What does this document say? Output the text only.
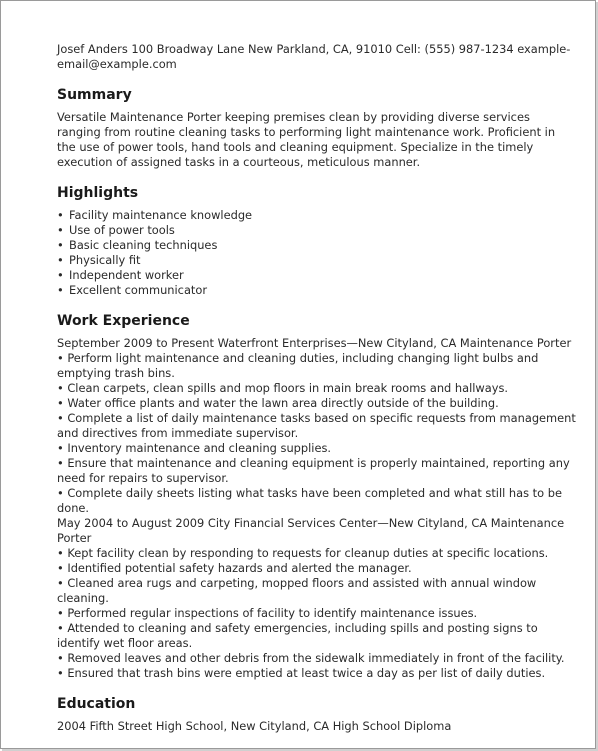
Josef Anders 100 Broadway Lane New Parkland, CA, 91010 Cell: (555) 987-1234 example-email@example.com

Summary

Versatile Maintenance Porter keeping premises clean by providing diverse services ranging from routine cleaning tasks to performing light maintenance work. Proficient in the use of power tools, hand tools and cleaning equipment. Specialize in the timely execution of assigned tasks in a courteous, meticulous manner.

Highlights
• Facility maintenance knowledge
• Use of power tools
• Basic cleaning techniques
• Physically fit
• Independent worker
• Excellent communicator
Work Experience

September 2009 to Present Waterfront Enterprises—New Cityland, CA Maintenance Porter

• Perform light maintenance and cleaning duties, including changing light bulbs and emptying trash bins.

• Clean carpets, clean spills and mop floors in main break rooms and hallways.

• Water office plants and water the lawn area directly outside of the building.

• Complete a list of daily maintenance tasks based on specific requests from management and directives from immediate supervisor.

• Inventory maintenance and cleaning supplies.

• Ensure that maintenance and cleaning equipment is properly maintained, reporting any need for repairs to supervisor.

• Complete daily sheets listing what tasks have been completed and what still has to be done.

May 2004 to August 2009 City Financial Services Center—New Cityland, CA Maintenance Porter

• Kept facility clean by responding to requests for cleanup duties at specific locations.

• Identified potential safety hazards and alerted the manager.

• Cleaned area rugs and carpeting, mopped floors and assisted with annual window cleaning.

• Performed regular inspections of facility to identify maintenance issues.

• Attended to cleaning and safety emergencies, including spills and posting signs to identify wet floor areas.

• Removed leaves and other debris from the sidewalk immediately in front of the facility.

• Ensured that trash bins were emptied at least twice a day as per list of daily duties.

Education

2004 Fifth Street High School, New Cityland, CA High School Diploma
